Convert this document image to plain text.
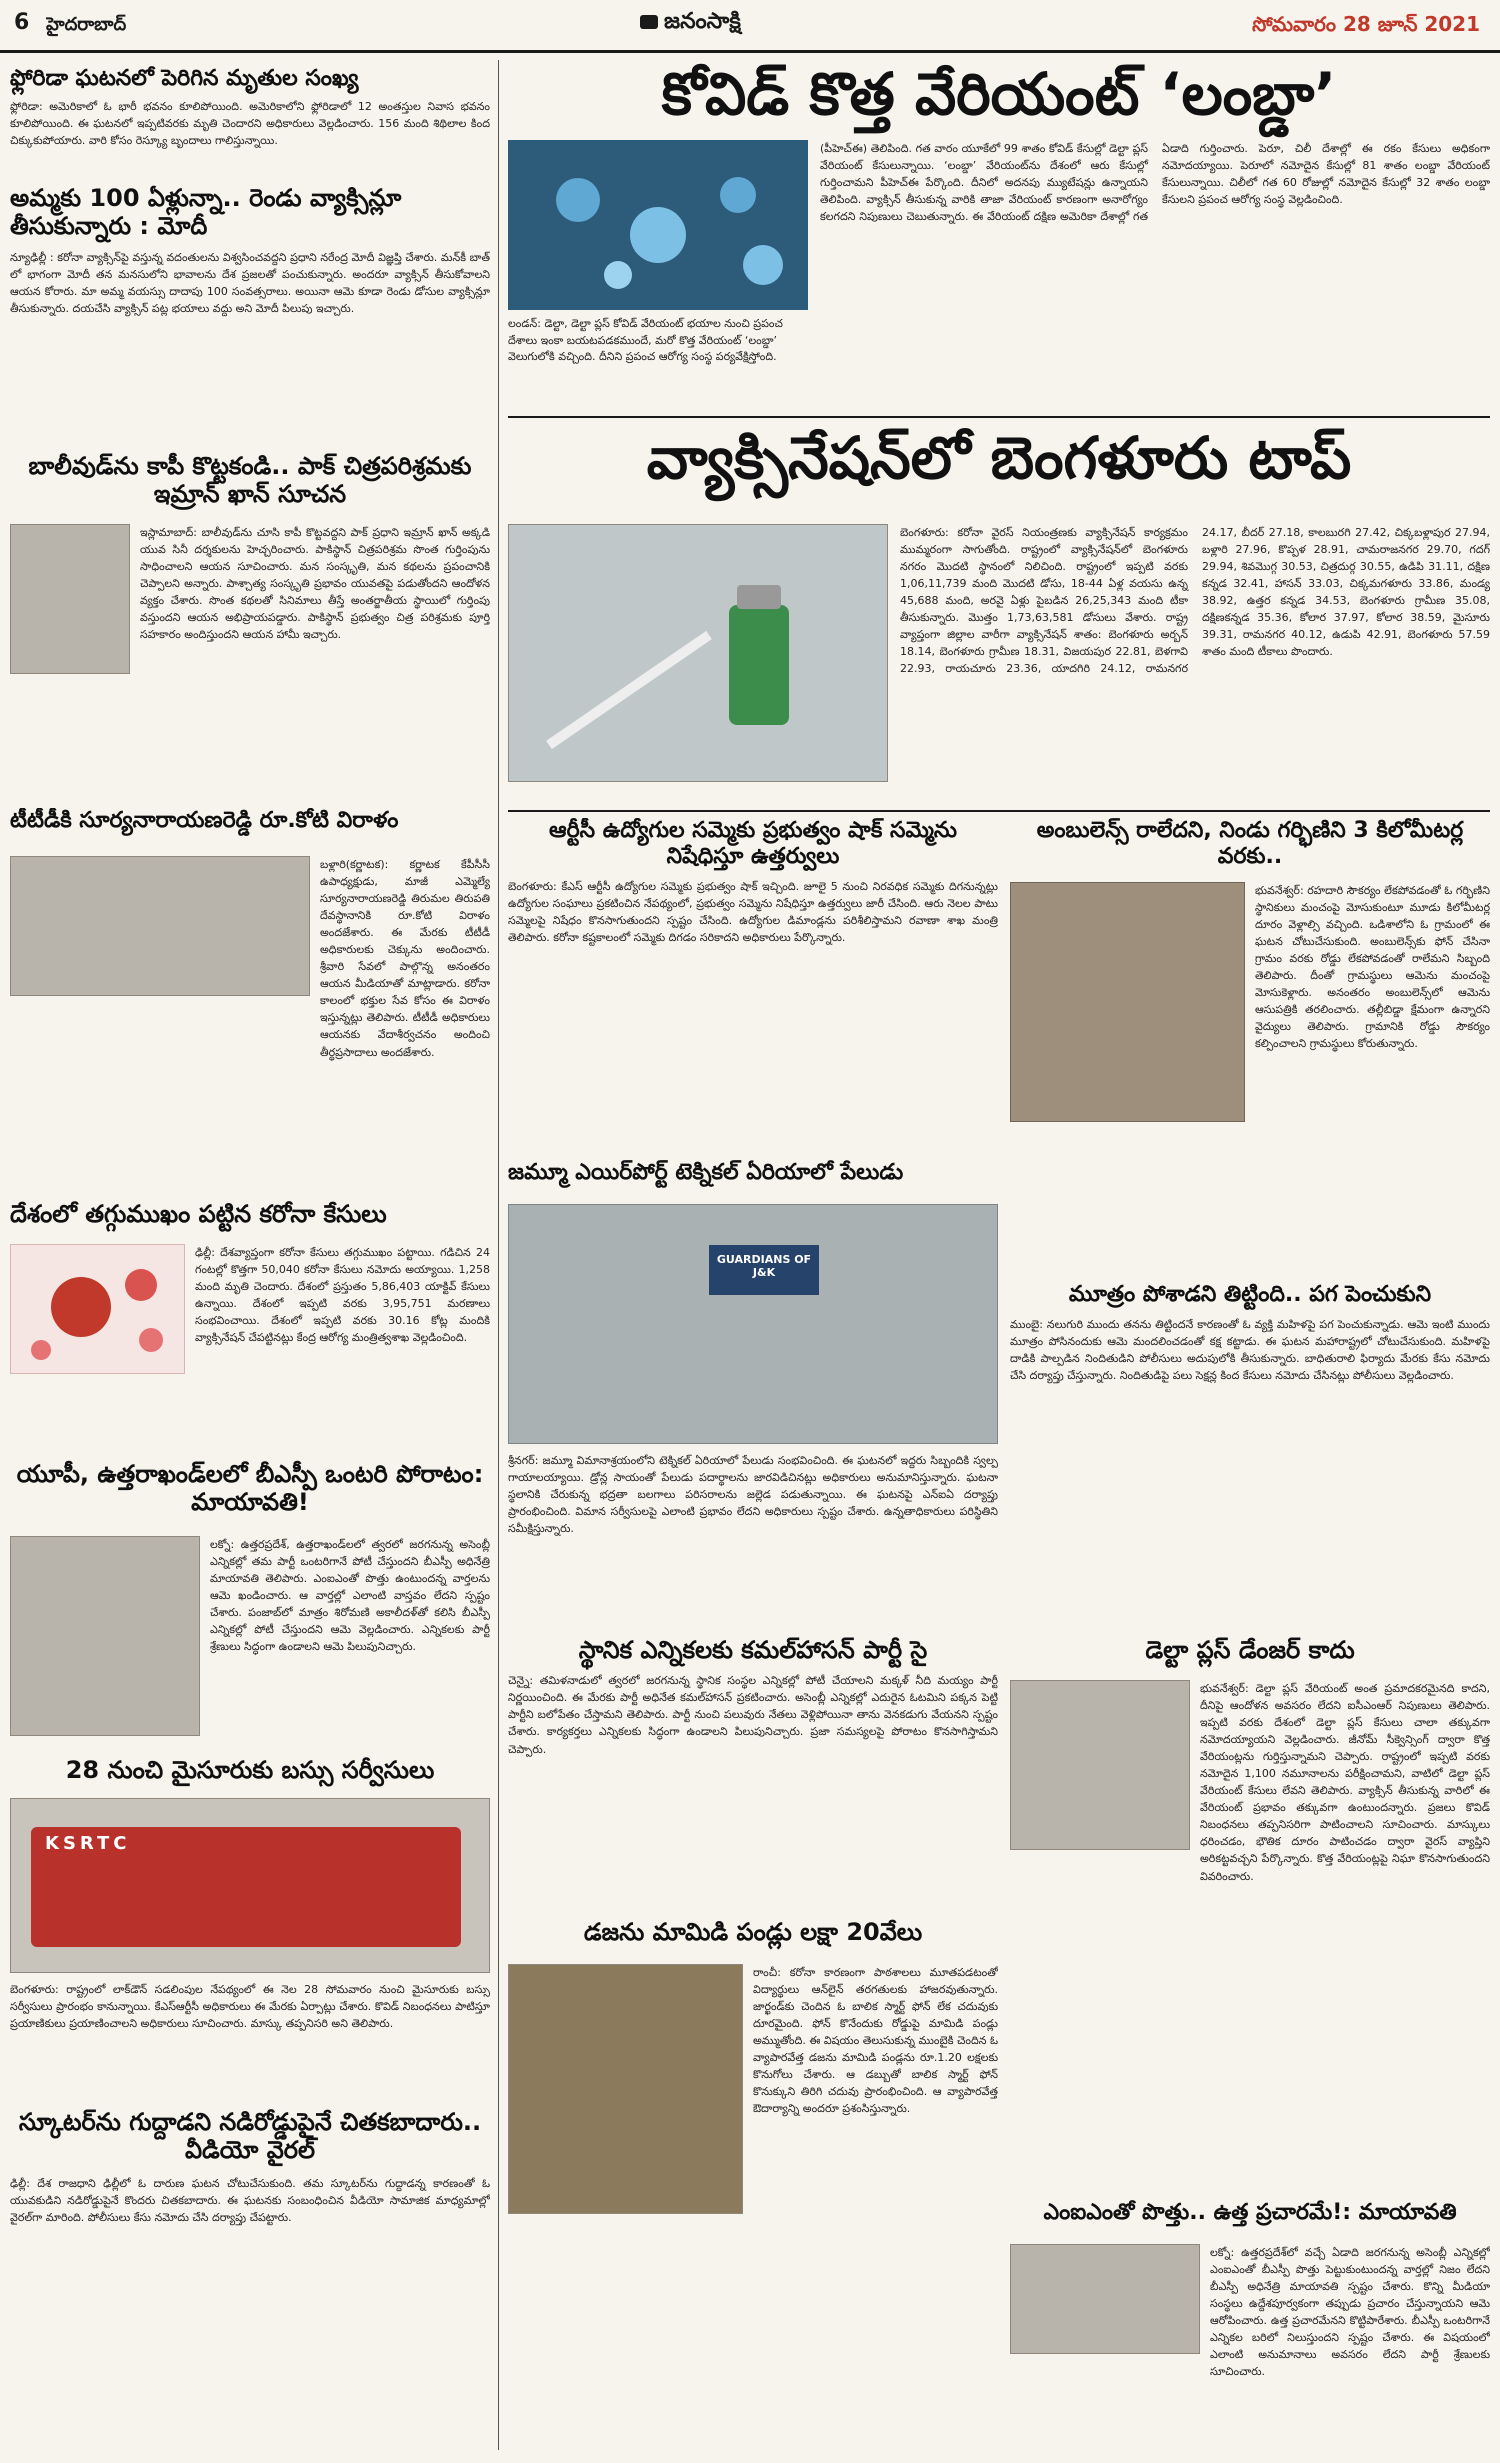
6 హైదరాబాద్	జనంసాక్షి	సోమవారం 28 జూన్ 2021
ఫ్లోరిడా ఘటనలో పెరిగిన మృతుల సంఖ్య
ఫ్లోరిడా: అమెరికాలో ఓ భారీ భవనం కూలిపోయింది. అమెరికాలోని ఫ్లోరిడాలో 12 అంతస్తుల నివాస భవనం కూలిపోయింది. ఈ ఘటనలో ఇప్పటివరకు మృతి చెందారని అధికారులు వెల్లడించారు. 156 మంది శిథిలాల కింద చిక్కుకుపోయారు. వారి కోసం రెస్క్యూ బృందాలు గాలిస్తున్నాయి.
అమ్మకు 100 ఏళ్లున్నా.. రెండు వ్యాక్సిన్లూ తీసుకున్నారు : మోదీ
న్యూఢిల్లీ : కరోనా వ్యాక్సిన్‌పై వస్తున్న వదంతులను విశ్వసించవద్దని ప్రధాని నరేంద్ర మోదీ విజ్ఞప్తి చేశారు. మన్‌కీ బాత్ లో భాగంగా మోదీ తన మనసులోని భావాలను దేశ ప్రజలతో పంచుకున్నారు. అందరూ వ్యాక్సిన్ తీసుకోవాలని ఆయన కోరారు. మా అమ్మ వయస్సు దాదాపు 100 సంవత్సరాలు. అయినా ఆమె కూడా రెండు డోసుల వ్యాక్సిన్లూ తీసుకున్నారు. దయచేసి వ్యాక్సిన్ పట్ల భయాలు వద్దు అని మోదీ పిలుపు ఇచ్చారు.
బాలీవుడ్‌ను కాపీ కొట్టకండి.. పాక్ చిత్రపరిశ్రమకు ఇమ్రాన్ ఖాన్ సూచన
ఇస్లామాబాద్: బాలీవుడ్‌ను చూసి కాపీ కొట్టవద్దని పాక్ ప్రధాని ఇమ్రాన్ ఖాన్ అక్కడి యువ సినీ దర్శకులను హెచ్చరించారు. పాకిస్థాన్ చిత్రపరిశ్రమ సొంత గుర్తింపును సాధించాలని ఆయన సూచించారు. మన సంస్కృతి, మన కథలను ప్రపంచానికి చెప్పాలని అన్నారు. పాశ్చాత్య సంస్కృతి ప్రభావం యువతపై పడుతోందని ఆందోళన వ్యక్తం చేశారు. సొంత కథలతో సినిమాలు తీస్తే అంతర్జాతీయ స్థాయిలో గుర్తింపు వస్తుందని ఆయన అభిప్రాయపడ్డారు. పాకిస్థాన్ ప్రభుత్వం చిత్ర పరిశ్రమకు పూర్తి సహకారం అందిస్తుందని ఆయన హామీ ఇచ్చారు.
టీటీడీకి సూర్యనారాయణరెడ్డి రూ.కోటి విరాళం
బళ్లారి(కర్ణాటక): కర్ణాటక కేపీసీసీ ఉపాధ్యక్షుడు, మాజీ ఎమ్మెల్యే సూర్యనారాయణరెడ్డి తిరుమల తిరుపతి దేవస్థానానికి రూ.కోటి విరాళం అందజేశారు. ఈ మేరకు టీటీడీ అధికారులకు చెక్కును అందించారు. శ్రీవారి సేవలో పాల్గొన్న అనంతరం ఆయన మీడియాతో మాట్లాడారు. కరోనా కాలంలో భక్తుల సేవ కోసం ఈ విరాళం ఇస్తున్నట్లు తెలిపారు. టీటీడీ అధికారులు ఆయనకు వేదాశీర్వచనం అందించి తీర్థప్రసాదాలు అందజేశారు.
దేశంలో తగ్గుముఖం పట్టిన కరోనా కేసులు
ఢిల్లీ: దేశవ్యాప్తంగా కరోనా కేసులు తగ్గుముఖం పట్టాయి. గడిచిన 24 గంటల్లో కొత్తగా 50,040 కరోనా కేసులు నమోదు అయ్యాయి. 1,258 మంది మృతి చెందారు. దేశంలో ప్రస్తుతం 5,86,403 యాక్టివ్ కేసులు ఉన్నాయి. దేశంలో ఇప్పటి వరకు 3,95,751 మరణాలు సంభవించాయి. దేశంలో ఇప్పటి వరకు 30.16 కోట్ల మందికి వ్యాక్సినేషన్ చేపట్టినట్లు కేంద్ర ఆరోగ్య మంత్రిత్వశాఖ వెల్లడించింది.
యూపీ, ఉత్తరాఖండ్‌లలో బీఎస్పీ ఒంటరి పోరాటం: మాయావతి!
లక్నో: ఉత్తరప్రదేశ్, ఉత్తరాఖండ్‌లలో త్వరలో జరగనున్న అసెంబ్లీ ఎన్నికల్లో తమ పార్టీ ఒంటరిగానే పోటీ చేస్తుందని బీఎస్పీ అధినేత్రి మాయావతి తెలిపారు. ఎంఐఎంతో పొత్తు ఉంటుందన్న వార్తలను ఆమె ఖండించారు. ఆ వార్తల్లో ఎలాంటి వాస్తవం లేదని స్పష్టం చేశారు. పంజాబ్‌లో మాత్రం శిరోమణి అకాలీదళ్‌తో కలిసి బీఎస్పీ ఎన్నికల్లో పోటీ చేస్తుందని ఆమె వెల్లడించారు. ఎన్నికలకు పార్టీ శ్రేణులు సిద్ధంగా ఉండాలని ఆమె పిలుపునిచ్చారు.
28 నుంచి మైసూరుకు బస్సు సర్వీసులు
KSRTC
బెంగళూరు: రాష్ట్రంలో లాక్‌డౌన్ సడలింపుల నేపథ్యంలో ఈ నెల 28 సోమవారం నుంచి మైసూరుకు బస్సు సర్వీసులు ప్రారంభం కానున్నాయి. కేఎస్ఆర్టీసీ అధికారులు ఈ మేరకు ఏర్పాట్లు చేశారు. కొవిడ్ నిబంధనలు పాటిస్తూ ప్రయాణికులు ప్రయాణించాలని అధికారులు సూచించారు. మాస్కు తప్పనిసరి అని తెలిపారు.
స్కూటర్‌ను గుద్దాడని నడిరోడ్డుపైనే చితకబాదారు.. వీడియో వైరల్
ఢిల్లీ: దేశ రాజధాని ఢిల్లీలో ఓ దారుణ ఘటన చోటుచేసుకుంది. తమ స్కూటర్‌ను గుద్దాడన్న కారణంతో ఓ యువకుడిని నడిరోడ్డుపైనే కొందరు చితకబాదారు. ఈ ఘటనకు సంబంధించిన వీడియో సామాజిక మాధ్యమాల్లో వైరల్‌గా మారింది. పోలీసులు కేసు నమోదు చేసి దర్యాప్తు చేపట్టారు.
కోవిడ్ కొత్త వేరియంట్ ‘లంబ్డా’
లండన్: డెల్టా, డెల్టా ప్లస్ కోవిడ్ వేరియంట్ భయాల నుంచి ప్రపంచ దేశాలు ఇంకా బయటపడకముందే, మరో కొత్త వేరియంట్ ‘లంబ్డా’ వెలుగులోకి వచ్చింది. దీనిని ప్రపంచ ఆరోగ్య సంస్థ పర్యవేక్షిస్తోంది.
(పీహెచ్ఈ) తెలిపింది. గత వారం యూకేలో 99 శాతం కోవిడ్ కేసుల్లో డెల్టా ప్లస్ వేరియంట్ కేసులున్నాయి. ‘లంబ్డా’ వేరియంట్‌ను దేశంలో ఆరు కేసుల్లో గుర్తించామని పీహెచ్ఈ పేర్కొంది. దీనిలో అదనపు మ్యుటేషన్లు ఉన్నాయని తెలిపింది. వ్యాక్సిన్ తీసుకున్న వారికి తాజా వేరియంట్ కారణంగా అనారోగ్యం కలగదని నిపుణులు చెబుతున్నారు. ఈ వేరియంట్ దక్షిణ అమెరికా దేశాల్లో గత ఏడాది గుర్తించారు. పెరూ, చిలీ దేశాల్లో ఈ రకం కేసులు అధికంగా నమోదయ్యాయి. పెరూలో నమోదైన కేసుల్లో 81 శాతం లంబ్డా వేరియంట్ కేసులున్నాయి. చిలీలో గత 60 రోజుల్లో నమోదైన కేసుల్లో 32 శాతం లంబ్డా కేసులని ప్రపంచ ఆరోగ్య సంస్థ వెల్లడించింది.
వ్యాక్సినేషన్‌లో బెంగళూరు టాప్
బెంగళూరు: కరోనా వైరస్ నియంత్రణకు వ్యాక్సినేషన్ కార్యక్రమం ముమ్మరంగా సాగుతోంది. రాష్ట్రంలో వ్యాక్సినేషన్‌లో బెంగళూరు నగరం మొదటి స్థానంలో నిలిచింది. రాష్ట్రంలో ఇప్పటి వరకు 1,06,11,739 మంది మొదటి డోసు, 18-44 ఏళ్ల వయసు ఉన్న 45,688 మంది, అరవై ఏళ్లు పైబడిన 26,25,343 మంది టీకా తీసుకున్నారు. మొత్తం 1,73,63,581 డోసులు వేశారు. రాష్ట్ర వ్యాప్తంగా జిల్లాల వారీగా వ్యాక్సినేషన్ శాతం: బెంగళూరు అర్బన్ 18.14, బెంగళూరు గ్రామీణ 18.31, విజయపుర 22.81, బెళగావి 22.93, రాయచూరు 23.36, యాదగిరి 24.12, రామనగర 24.17, బీదర్ 27.18, కాలబురగి 27.42, చిక్కబళ్లాపుర 27.94, బళ్లారి 27.96, కొప్పళ 28.91, చామరాజనగర 29.70, గదగ్ 29.94, శివమొగ్గ 30.53, చిత్రదుర్గ 30.55, ఉడిపి 31.11, దక్షిణ కన్నడ 32.41, హాసన్ 33.03, చిక్కమగళూరు 33.86, మండ్య 38.92, ఉత్తర కన్నడ 34.53, బెంగళూరు గ్రామీణ 35.08, దక్షిణకన్నడ 35.36, కోలార 37.97, కోలార 38.59, మైసూరు 39.31, రామనగర 40.12, ఉడుపి 42.91, బెంగళూరు 57.59 శాతం మంది టీకాలు పొందారు.
ఆర్టీసీ ఉద్యోగుల సమ్మెకు ప్రభుత్వం షాక్ సమ్మెను నిషేధిస్తూ ఉత్తర్వులు
బెంగళూరు: కేఎస్ ఆర్టీసీ ఉద్యోగుల సమ్మెకు ప్రభుత్వం షాక్ ఇచ్చింది. జూలై 5 నుంచి నిరవధిక సమ్మెకు దిగనున్నట్లు ఉద్యోగుల సంఘాలు ప్రకటించిన నేపథ్యంలో, ప్రభుత్వం సమ్మెను నిషేధిస్తూ ఉత్తర్వులు జారీ చేసింది. ఆరు నెలల పాటు సమ్మెలపై నిషేధం కొనసాగుతుందని స్పష్టం చేసింది. ఉద్యోగుల డిమాండ్లను పరిశీలిస్తామని రవాణా శాఖ మంత్రి తెలిపారు. కరోనా కష్టకాలంలో సమ్మెకు దిగడం సరికాదని అధికారులు పేర్కొన్నారు.
జమ్మూ ఎయిర్‌పోర్ట్ టెక్నికల్ ఏరియాలో పేలుడు
GUARDIANS OF J&K
శ్రీనగర్: జమ్మూ విమానాశ్రయంలోని టెక్నికల్ ఏరియాలో పేలుడు సంభవించింది. ఈ ఘటనలో ఇద్దరు సిబ్బందికి స్వల్ప గాయాలయ్యాయి. డ్రోన్ల సాయంతో పేలుడు పదార్థాలను జారవిడిచినట్లు అధికారులు అనుమానిస్తున్నారు. ఘటనా స్థలానికి చేరుకున్న భద్రతా బలగాలు పరిసరాలను జల్లెడ పడుతున్నాయి. ఈ ఘటనపై ఎన్ఐఏ దర్యాప్తు ప్రారంభించింది. విమాన సర్వీసులపై ఎలాంటి ప్రభావం లేదని అధికారులు స్పష్టం చేశారు. ఉన్నతాధికారులు పరిస్థితిని సమీక్షిస్తున్నారు.
స్థానిక ఎన్నికలకు కమల్‌హాసన్ పార్టీ సై
చెన్నై: తమిళనాడులో త్వరలో జరగనున్న స్థానిక సంస్థల ఎన్నికల్లో పోటీ చేయాలని మక్కళ్ నీది మయ్యం పార్టీ నిర్ణయించింది. ఈ మేరకు పార్టీ అధినేత కమల్‌హాసన్ ప్రకటించారు. అసెంబ్లీ ఎన్నికల్లో ఎదురైన ఓటమిని పక్కన పెట్టి పార్టీని బలోపేతం చేస్తామని తెలిపారు. పార్టీ నుంచి పలువురు నేతలు వెళ్లిపోయినా తాను వెనకడుగు వేయనని స్పష్టం చేశారు. కార్యకర్తలు ఎన్నికలకు సిద్ధంగా ఉండాలని పిలుపునిచ్చారు. ప్రజా సమస్యలపై పోరాటం కొనసాగిస్తామని చెప్పారు.
డజను మామిడి పండ్లు లక్షా 20వేలు
రాంచీ: కరోనా కారణంగా పాఠశాలలు మూతపడటంతో విద్యార్థులు ఆన్‌లైన్ తరగతులకు హాజరవుతున్నారు. జార్ఖండ్‌కు చెందిన ఓ బాలిక స్మార్ట్ ఫోన్ లేక చదువుకు దూరమైంది. ఫోన్ కొనేందుకు రోడ్డుపై మామిడి పండ్లు అమ్ముతోంది. ఈ విషయం తెలుసుకున్న ముంబైకి చెందిన ఓ వ్యాపారవేత్త డజను మామిడి పండ్లను రూ.1.20 లక్షలకు కొనుగోలు చేశారు. ఆ డబ్బుతో బాలిక స్మార్ట్ ఫోన్ కొనుక్కుని తిరిగి చదువు ప్రారంభించింది. ఆ వ్యాపారవేత్త ఔదార్యాన్ని అందరూ ప్రశంసిస్తున్నారు.
అంబులెన్స్ రాలేదని, నిండు గర్భిణిని 3 కిలోమీటర్ల వరకు..
భువనేశ్వర్: రహదారి సౌకర్యం లేకపోవడంతో ఓ గర్భిణిని స్థానికులు మంచంపై మోసుకుంటూ మూడు కిలోమీటర్ల దూరం వెళ్లాల్సి వచ్చింది. ఒడిశాలోని ఓ గ్రామంలో ఈ ఘటన చోటుచేసుకుంది. అంబులెన్స్‌కు ఫోన్ చేసినా గ్రామం వరకు రోడ్డు లేకపోవడంతో రాలేమని సిబ్బంది తెలిపారు. దీంతో గ్రామస్థులు ఆమెను మంచంపై మోసుకెళ్లారు. అనంతరం అంబులెన్స్‌లో ఆమెను ఆసుపత్రికి తరలించారు. తల్లీబిడ్డా క్షేమంగా ఉన్నారని వైద్యులు తెలిపారు. గ్రామానికి రోడ్డు సౌకర్యం కల్పించాలని గ్రామస్థులు కోరుతున్నారు.
మూత్రం పోశాడని తిట్టింది.. పగ పెంచుకుని
ముంబై: నలుగురి ముందు తనను తిట్టిందనే కారణంతో ఓ వ్యక్తి మహిళపై పగ పెంచుకున్నాడు. ఆమె ఇంటి ముందు మూత్రం పోసినందుకు ఆమె మందలించడంతో కక్ష కట్టాడు. ఈ ఘటన మహారాష్ట్రలో చోటుచేసుకుంది. మహిళపై దాడికి పాల్పడిన నిందితుడిని పోలీసులు అదుపులోకి తీసుకున్నారు. బాధితురాలి ఫిర్యాదు మేరకు కేసు నమోదు చేసి దర్యాప్తు చేస్తున్నారు. నిందితుడిపై పలు సెక్షన్ల కింద కేసులు నమోదు చేసినట్లు పోలీసులు వెల్లడించారు.
డెల్టా ప్లస్ డేంజర్ కాదు
భువనేశ్వర్: డెల్టా ప్లస్ వేరియంట్ అంత ప్రమాదకరమైనది కాదని, దీనిపై ఆందోళన అవసరం లేదని ఐసీఎంఆర్ నిపుణులు తెలిపారు. ఇప్పటి వరకు దేశంలో డెల్టా ప్లస్ కేసులు చాలా తక్కువగా నమోదయ్యాయని వెల్లడించారు. జీనోమ్ సీక్వెన్సింగ్ ద్వారా కొత్త వేరియంట్లను గుర్తిస్తున్నామని చెప్పారు. రాష్ట్రంలో ఇప్పటి వరకు నమోదైన 1,100 నమూనాలను పరీక్షించామని, వాటిలో డెల్టా ప్లస్ వేరియంట్ కేసులు లేవని తెలిపారు. వ్యాక్సిన్ తీసుకున్న వారిలో ఈ వేరియంట్ ప్రభావం తక్కువగా ఉంటుందన్నారు. ప్రజలు కొవిడ్ నిబంధనలు తప్పనిసరిగా పాటించాలని సూచించారు. మాస్కులు ధరించడం, భౌతిక దూరం పాటించడం ద్వారా వైరస్ వ్యాప్తిని అరికట్టవచ్చని పేర్కొన్నారు. కొత్త వేరియంట్లపై నిఘా కొనసాగుతుందని వివరించారు.
ఎంఐఎంతో పొత్తు.. ఉత్త ప్రచారమే!: మాయావతి
లక్నో: ఉత్తరప్రదేశ్‌లో వచ్చే ఏడాది జరగనున్న అసెంబ్లీ ఎన్నికల్లో ఎంఐఎంతో బీఎస్పీ పొత్తు పెట్టుకుంటుందన్న వార్తల్లో నిజం లేదని బీఎస్పీ అధినేత్రి మాయావతి స్పష్టం చేశారు. కొన్ని మీడియా సంస్థలు ఉద్దేశపూర్వకంగా తప్పుడు ప్రచారం చేస్తున్నాయని ఆమె ఆరోపించారు. ఉత్త ప్రచారమేనని కొట్టిపారేశారు. బీఎస్పీ ఒంటరిగానే ఎన్నికల బరిలో నిలుస్తుందని స్పష్టం చేశారు. ఈ విషయంలో ఎలాంటి అనుమానాలు అవసరం లేదని పార్టీ శ్రేణులకు సూచించారు.
